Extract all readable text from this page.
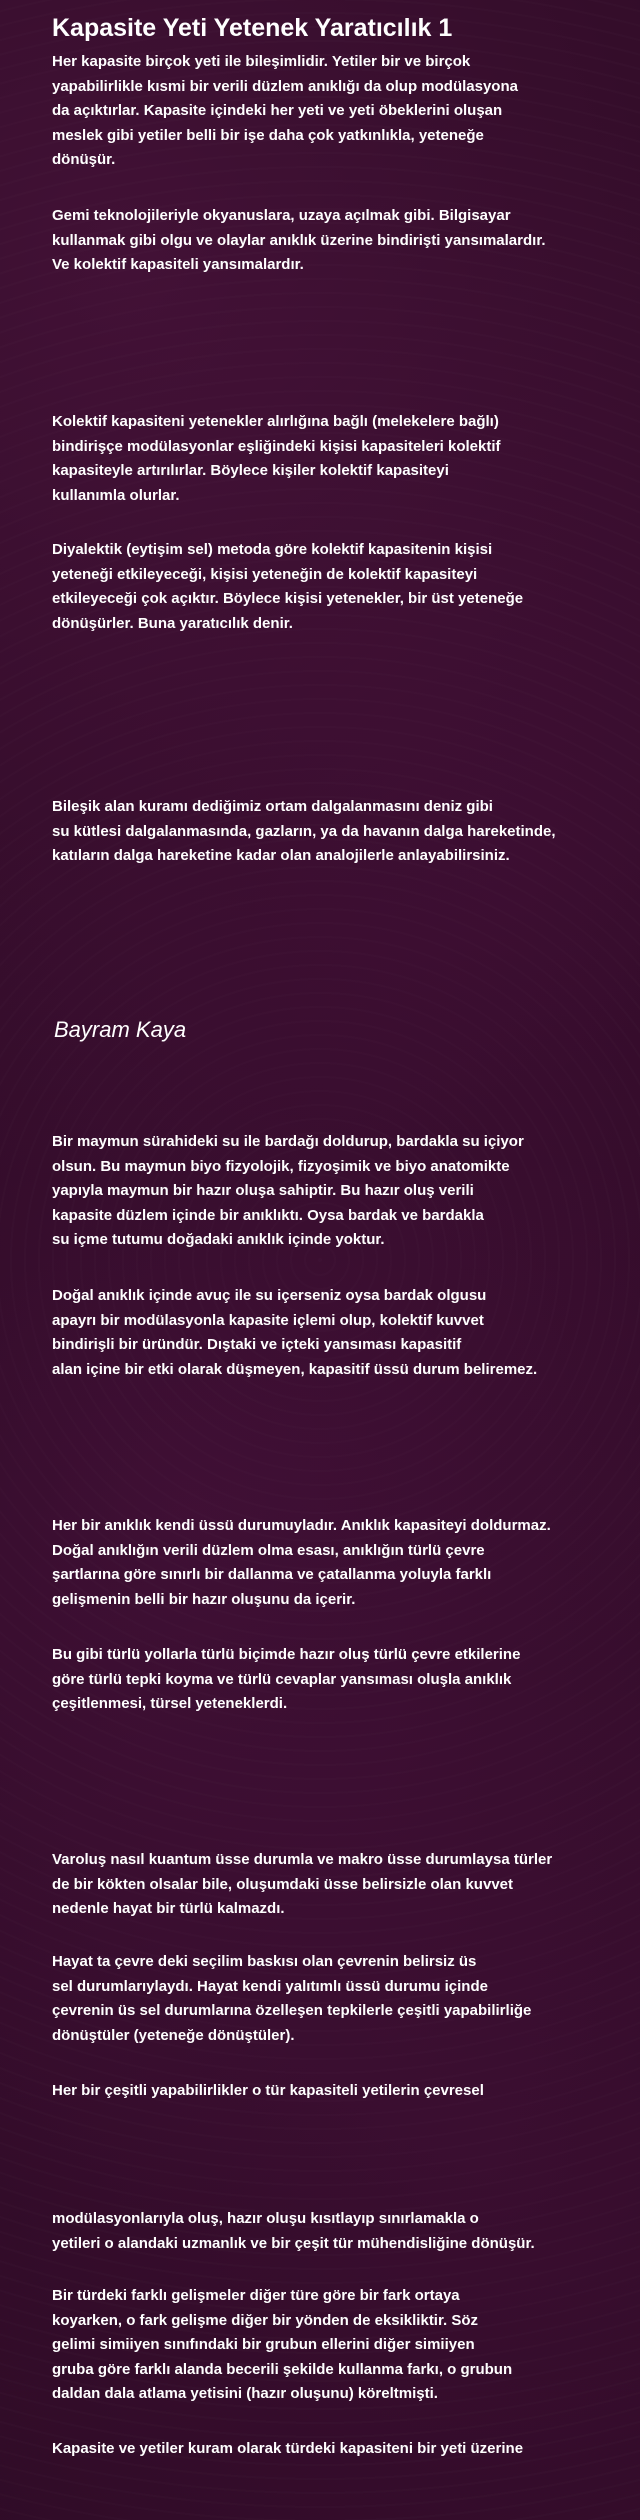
Kapasite Yeti Yetenek Yaratıcılık 1

Her kapasite birçok yeti ile bileşimlidir. Yetiler bir ve birçok
yapabilirlikle kısmi bir verili düzlem anıklığı da olup modülasyona
da açıktırlar. Kapasite içindeki her yeti ve yeti öbeklerini oluşan
meslek gibi yetiler belli bir işe daha çok yatkınlıkla, yeteneğe
dönüşür.

Gemi teknolojileriyle okyanuslara, uzaya açılmak gibi. Bilgisayar
kullanmak gibi olgu ve olaylar anıklık üzerine bindirişti yansımalardır.
Ve kolektif kapasiteli yansımalardır.

Kolektif kapasiteni yetenekler alırlığına bağlı (melekelere bağlı)
bindirişçe modülasyonlar eşliğindeki kişisi kapasiteleri kolektif
kapasiteyle artırılırlar. Böylece kişiler kolektif kapasiteyi
kullanımla olurlar.

Diyalektik (eytişim sel) metoda göre kolektif kapasitenin kişisi
yeteneği etkileyeceği, kişisi yeteneğin de kolektif kapasiteyi
etkileyeceği çok açıktır. Böylece kişisi yetenekler, bir üst yeteneğe
dönüşürler. Buna yaratıcılık denir.

Bileşik alan kuramı dediğimiz ortam dalgalanmasını deniz gibi
su kütlesi dalgalanmasında, gazların, ya da havanın dalga hareketinde,
katıların dalga hareketine kadar olan analojilerle anlayabilirsiniz.

Bayram Kaya

Bir maymun sürahideki su ile bardağı doldurup, bardakla su içiyor
olsun. Bu maymun biyo fizyolojik, fizyoşimik ve biyo anatomikte
yapıyla maymun bir hazır oluşa sahiptir. Bu hazır oluş verili
kapasite düzlem içinde bir anıklıktı. Oysa bardak ve bardakla
su içme tutumu doğadaki anıklık içinde yoktur.

Doğal anıklık içinde avuç ile su içerseniz oysa bardak olgusu
apayrı bir modülasyonla kapasite içlemi olup, kolektif kuvvet
bindirişli bir üründür. Dıştaki ve içteki yansıması kapasitif
alan içine bir etki olarak düşmeyen, kapasitif üssü durum beliremez.

Her bir anıklık kendi üssü durumuyladır. Anıklık kapasiteyi doldurmaz.
Doğal anıklığın verili düzlem olma esası, anıklığın türlü çevre
şartlarına göre sınırlı bir dallanma ve çatallanma yoluyla farklı
gelişmenin belli bir hazır oluşunu da içerir.

Bu gibi türlü yollarla türlü biçimde hazır oluş türlü çevre etkilerine
göre türlü tepki koyma ve türlü cevaplar yansıması oluşla anıklık
çeşitlenmesi, türsel yeteneklerdi.

Varoluş nasıl kuantum üsse durumla ve makro üsse durumlaysa türler
de bir kökten olsalar bile, oluşumdaki üsse belirsizle olan kuvvet
nedenle hayat bir türlü kalmazdı.

Hayat ta çevre deki seçilim baskısı olan çevrenin belirsiz üs
sel durumlarıylaydı. Hayat kendi yalıtımlı üssü durumu içinde
çevrenin üs sel durumlarına özelleşen tepkilerle çeşitli yapabilirliğe
dönüştüler (yeteneğe dönüştüler).

Her bir çeşitli yapabilirlikler o tür kapasiteli yetilerin çevresel

modülasyonlarıyla oluş, hazır oluşu kısıtlayıp sınırlamakla o
yetileri o alandaki uzmanlık ve bir çeşit tür mühendisliğine dönüşür.

Bir türdeki farklı gelişmeler diğer türe göre bir fark ortaya
koyarken, o fark gelişme diğer bir yönden de eksikliktir. Söz
gelimi simiiyen sınıfındaki bir grubun ellerini diğer simiiyen
gruba göre farklı alanda becerili şekilde kullanma farkı, o grubun
daldan dala atlama yetisini (hazır oluşunu) köreltmişti.

Kapasite ve yetiler kuram olarak türdeki kapasiteni bir yeti üzerine
